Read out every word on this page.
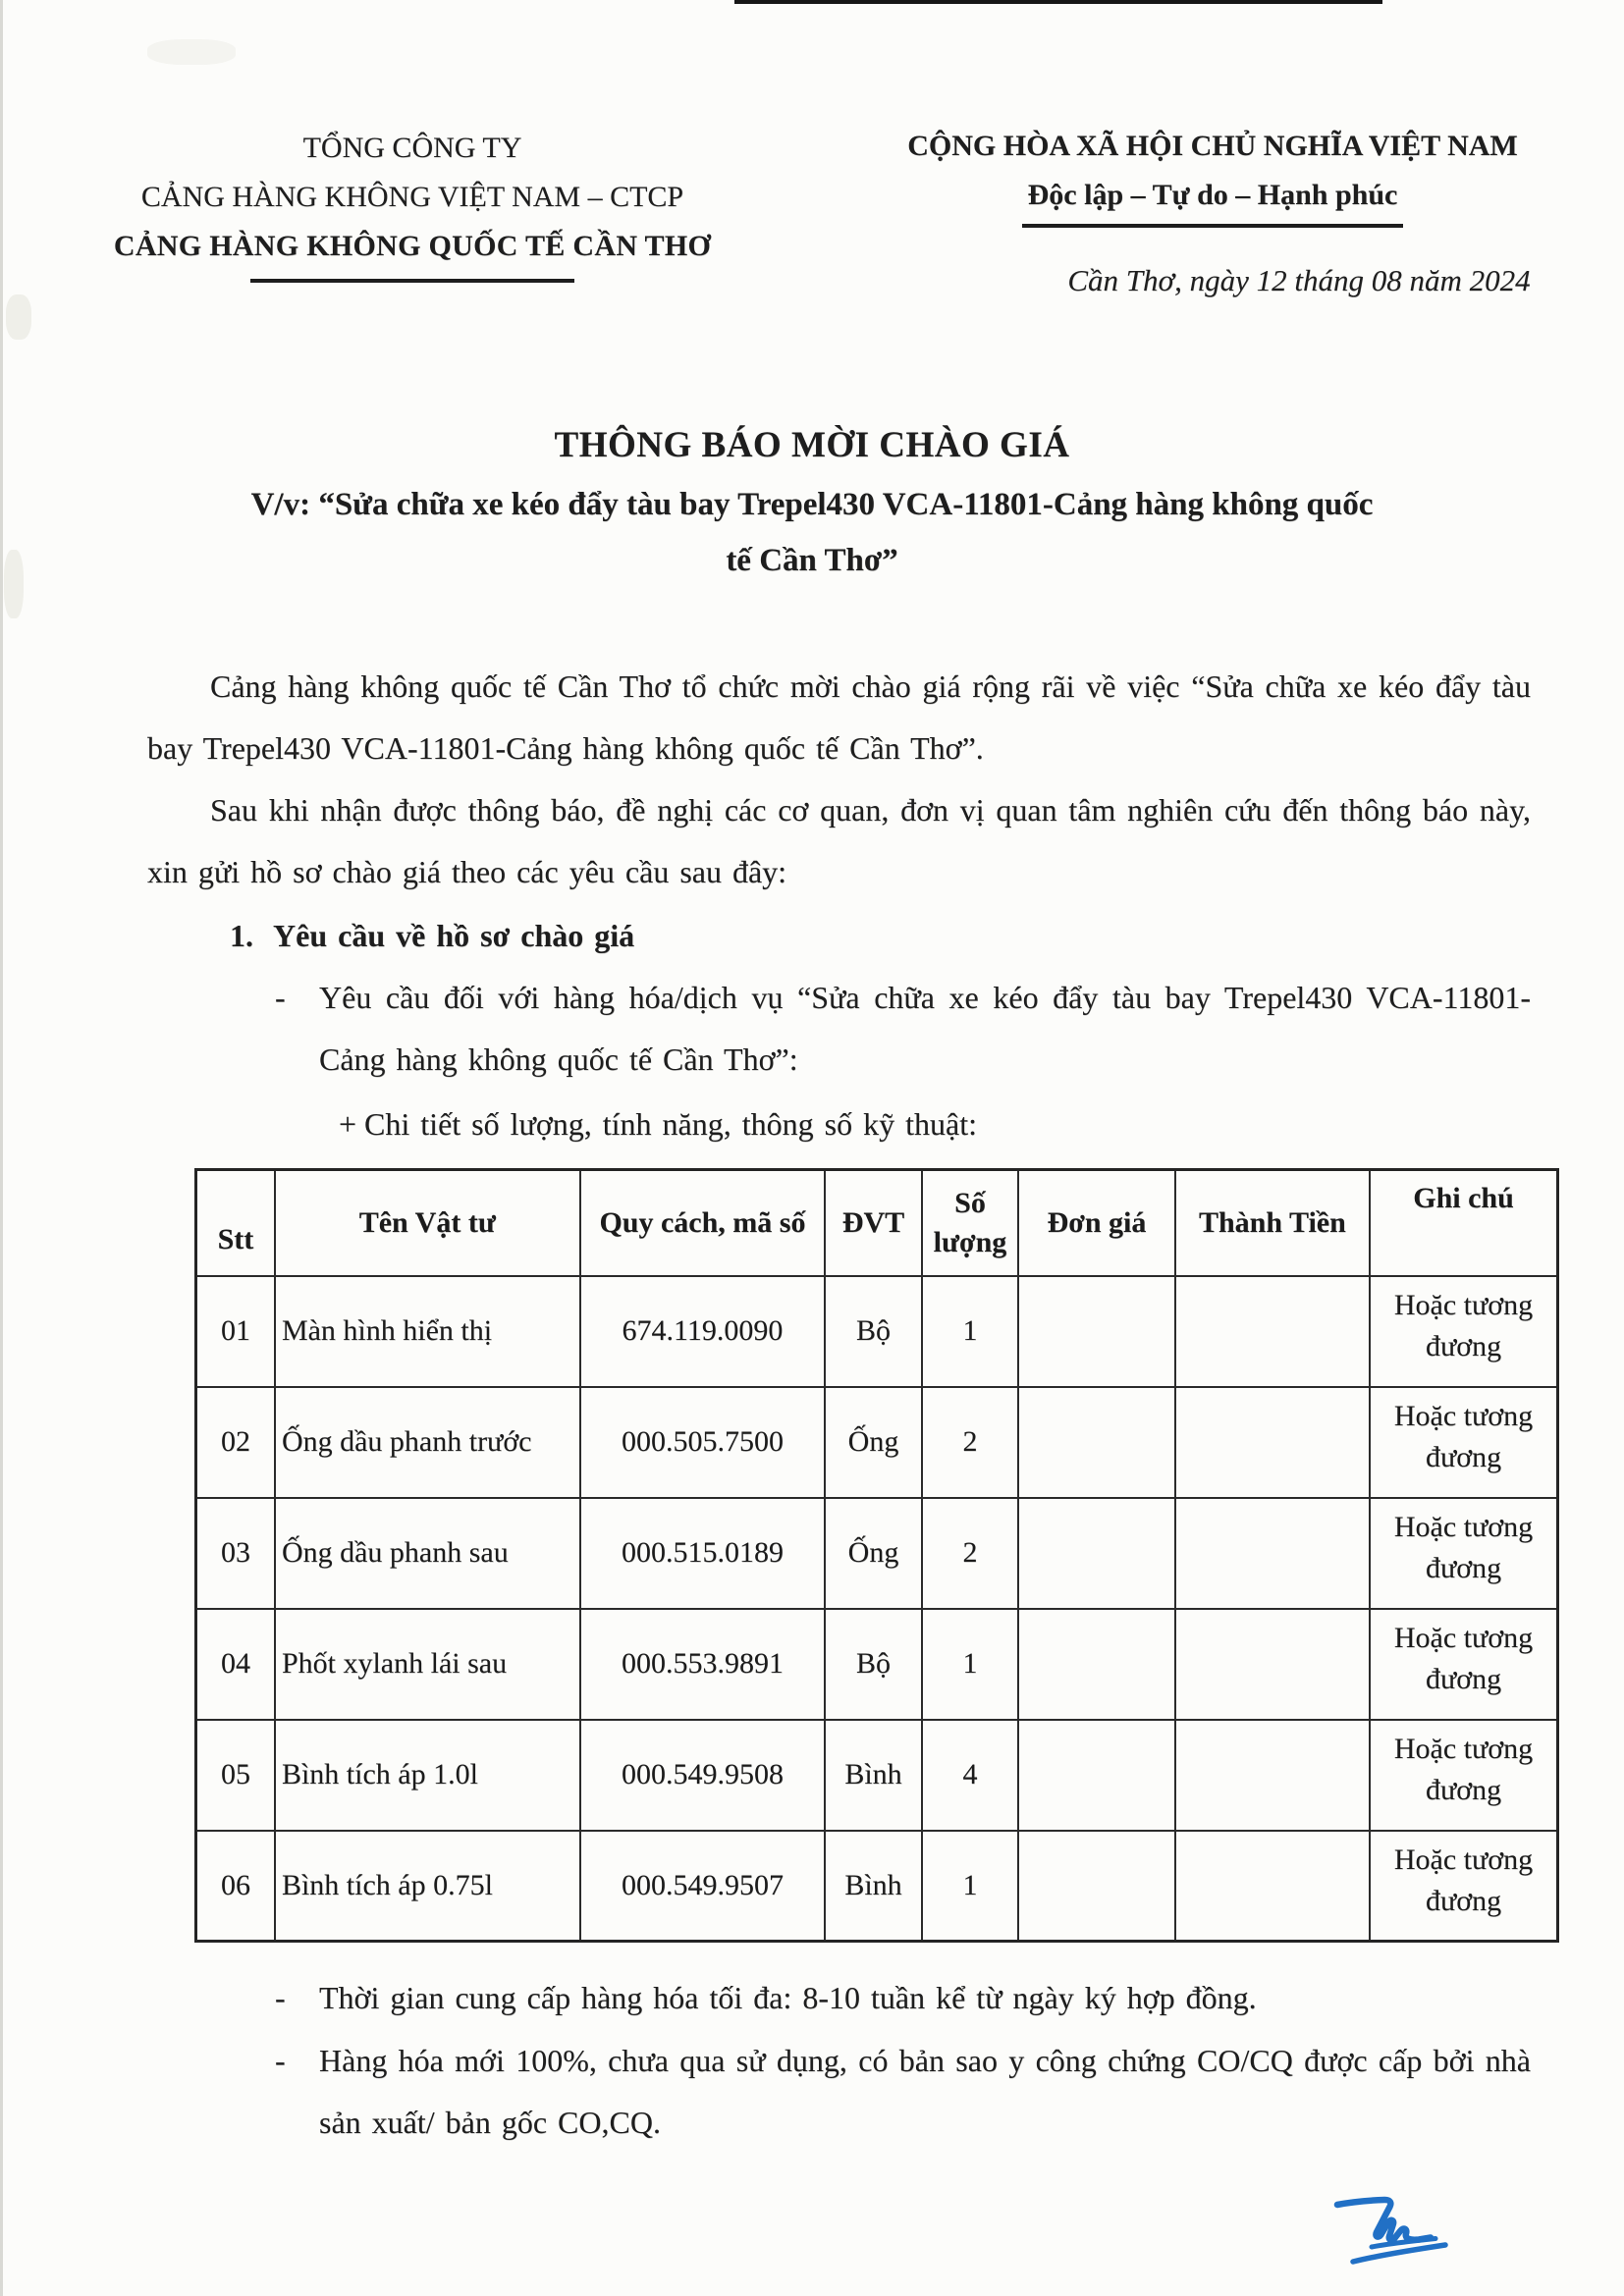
TỔNG CÔNG TY
CẢNG HÀNG KHÔNG VIỆT NAM – CTCP
CẢNG HÀNG KHÔNG QUỐC TẾ CẦN THƠ
CỘNG HÒA XÃ HỘI CHỦ NGHĨA VIỆT NAM
Độc lập – Tự do – Hạnh phúc
Cần Thơ, ngày 12 tháng 08 năm 2024
THÔNG BÁO MỜI CHÀO GIÁ
V/v: “Sửa chữa xe kéo đẩy tàu bay Trepel430 VCA-11801-Cảng hàng không quốc tế Cần Thơ”

Cảng hàng không quốc tế Cần Thơ tổ chức mời chào giá rộng rãi về việc “Sửa chữa xe kéo đẩy tàu bay Trepel430 VCA-11801-Cảng hàng không quốc tế Cần Thơ”.

Sau khi nhận được thông báo, đề nghị các cơ quan, đơn vị quan tâm nghiên cứu đến thông báo này, xin gửi hồ sơ chào giá theo các yêu cầu sau đây:

1. Yêu cầu về hồ sơ chào giá
- Yêu cầu đối với hàng hóa/dịch vụ “Sửa chữa xe kéo đẩy tàu bay Trepel430 VCA-11801-Cảng hàng không quốc tế Cần Thơ”:
+ Chi tiết số lượng, tính năng, thông số kỹ thuật:
Stt	Tên Vật tư	Quy cách, mã số	ĐVT	Số lượng	Đơn giá	Thành Tiền	Ghi chú
01	Màn hình hiển thị	674.119.0090	Bộ	1			Hoặc tương đương
02	Ống dầu phanh trước	000.505.7500	Ống	2			Hoặc tương đương
03	Ống dầu phanh sau	000.515.0189	Ống	2			Hoặc tương đương
04	Phốt xylanh lái sau	000.553.9891	Bộ	1			Hoặc tương đương
05	Bình tích áp 1.0l	000.549.9508	Bình	4			Hoặc tương đương
06	Bình tích áp 0.75l	000.549.9507	Bình	1			Hoặc tương đương
- Thời gian cung cấp hàng hóa tối đa: 8-10 tuần kể từ ngày ký hợp đồng.
- Hàng hóa mới 100%, chưa qua sử dụng, có bản sao y công chứng CO/CQ được cấp bởi nhà sản xuất/ bản gốc CO,CQ.
